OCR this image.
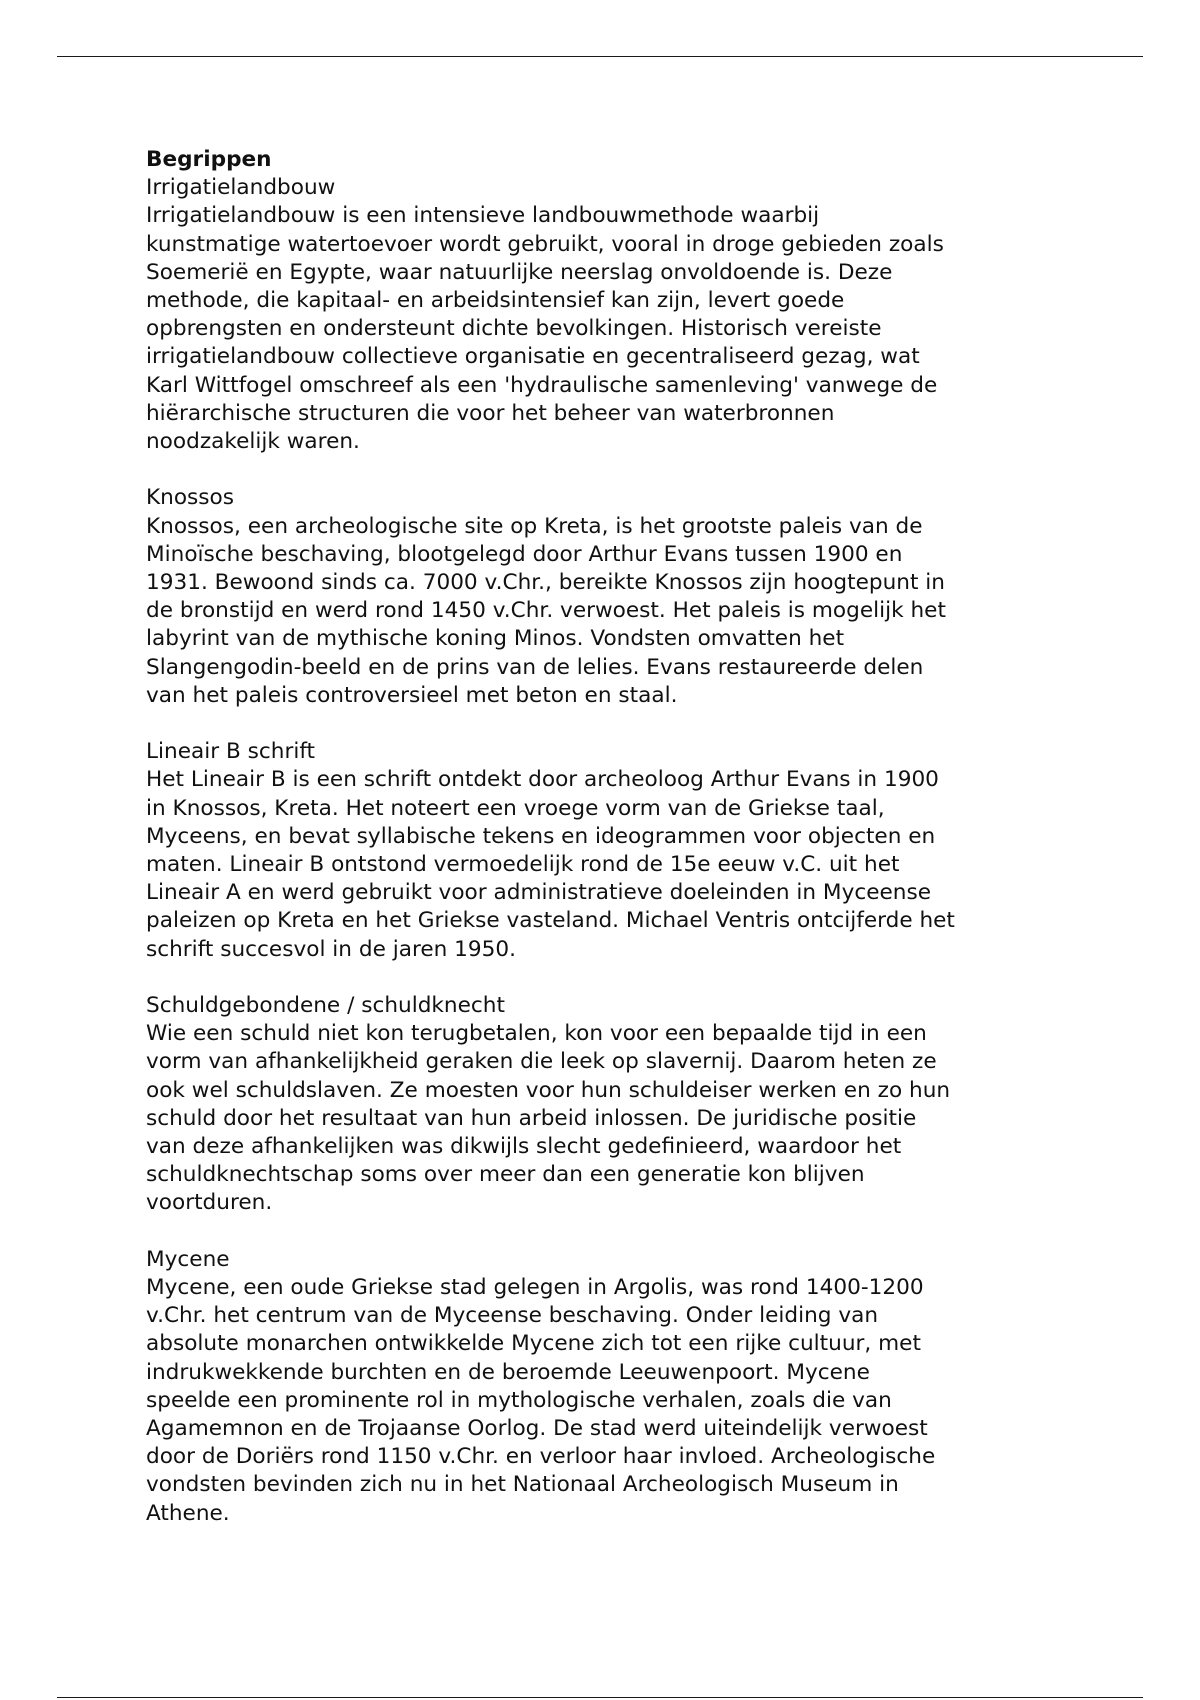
Begrippen
Irrigatielandbouw
Irrigatielandbouw is een intensieve landbouwmethode waarbij
kunstmatige watertoevoer wordt gebruikt, vooral in droge gebieden zoals
Soemerië en Egypte, waar natuurlijke neerslag onvoldoende is. Deze
methode, die kapitaal- en arbeidsintensief kan zijn, levert goede
opbrengsten en ondersteunt dichte bevolkingen. Historisch vereiste
irrigatielandbouw collectieve organisatie en gecentraliseerd gezag, wat
Karl Wittfogel omschreef als een 'hydraulische samenleving' vanwege de
hiërarchische structuren die voor het beheer van waterbronnen
noodzakelijk waren.
Knossos
Knossos, een archeologische site op Kreta, is het grootste paleis van de
Minoïsche beschaving, blootgelegd door Arthur Evans tussen 1900 en
1931. Bewoond sinds ca. 7000 v.Chr., bereikte Knossos zijn hoogtepunt in
de bronstijd en werd rond 1450 v.Chr. verwoest. Het paleis is mogelijk het
labyrint van de mythische koning Minos. Vondsten omvatten het
Slangengodin-beeld en de prins van de lelies. Evans restaureerde delen
van het paleis controversieel met beton en staal.
Lineair B schrift
Het Lineair B is een schrift ontdekt door archeoloog Arthur Evans in 1900
in Knossos, Kreta. Het noteert een vroege vorm van de Griekse taal,
Myceens, en bevat syllabische tekens en ideogrammen voor objecten en
maten. Lineair B ontstond vermoedelijk rond de 15e eeuw v.C. uit het
Lineair A en werd gebruikt voor administratieve doeleinden in Myceense
paleizen op Kreta en het Griekse vasteland. Michael Ventris ontcijferde het
schrift succesvol in de jaren 1950.
Schuldgebondene / schuldknecht
Wie een schuld niet kon terugbetalen, kon voor een bepaalde tijd in een
vorm van afhankelijkheid geraken die leek op slavernij. Daarom heten ze
ook wel schuldslaven. Ze moesten voor hun schuldeiser werken en zo hun
schuld door het resultaat van hun arbeid inlossen. De juridische positie
van deze afhankelijken was dikwijls slecht gedefinieerd, waardoor het
schuldknechtschap soms over meer dan een generatie kon blijven
voortduren.
Mycene
Mycene, een oude Griekse stad gelegen in Argolis, was rond 1400-1200
v.Chr. het centrum van de Myceense beschaving. Onder leiding van
absolute monarchen ontwikkelde Mycene zich tot een rijke cultuur, met
indrukwekkende burchten en de beroemde Leeuwenpoort. Mycene
speelde een prominente rol in mythologische verhalen, zoals die van
Agamemnon en de Trojaanse Oorlog. De stad werd uiteindelijk verwoest
door de Doriërs rond 1150 v.Chr. en verloor haar invloed. Archeologische
vondsten bevinden zich nu in het Nationaal Archeologisch Museum in
Athene.
